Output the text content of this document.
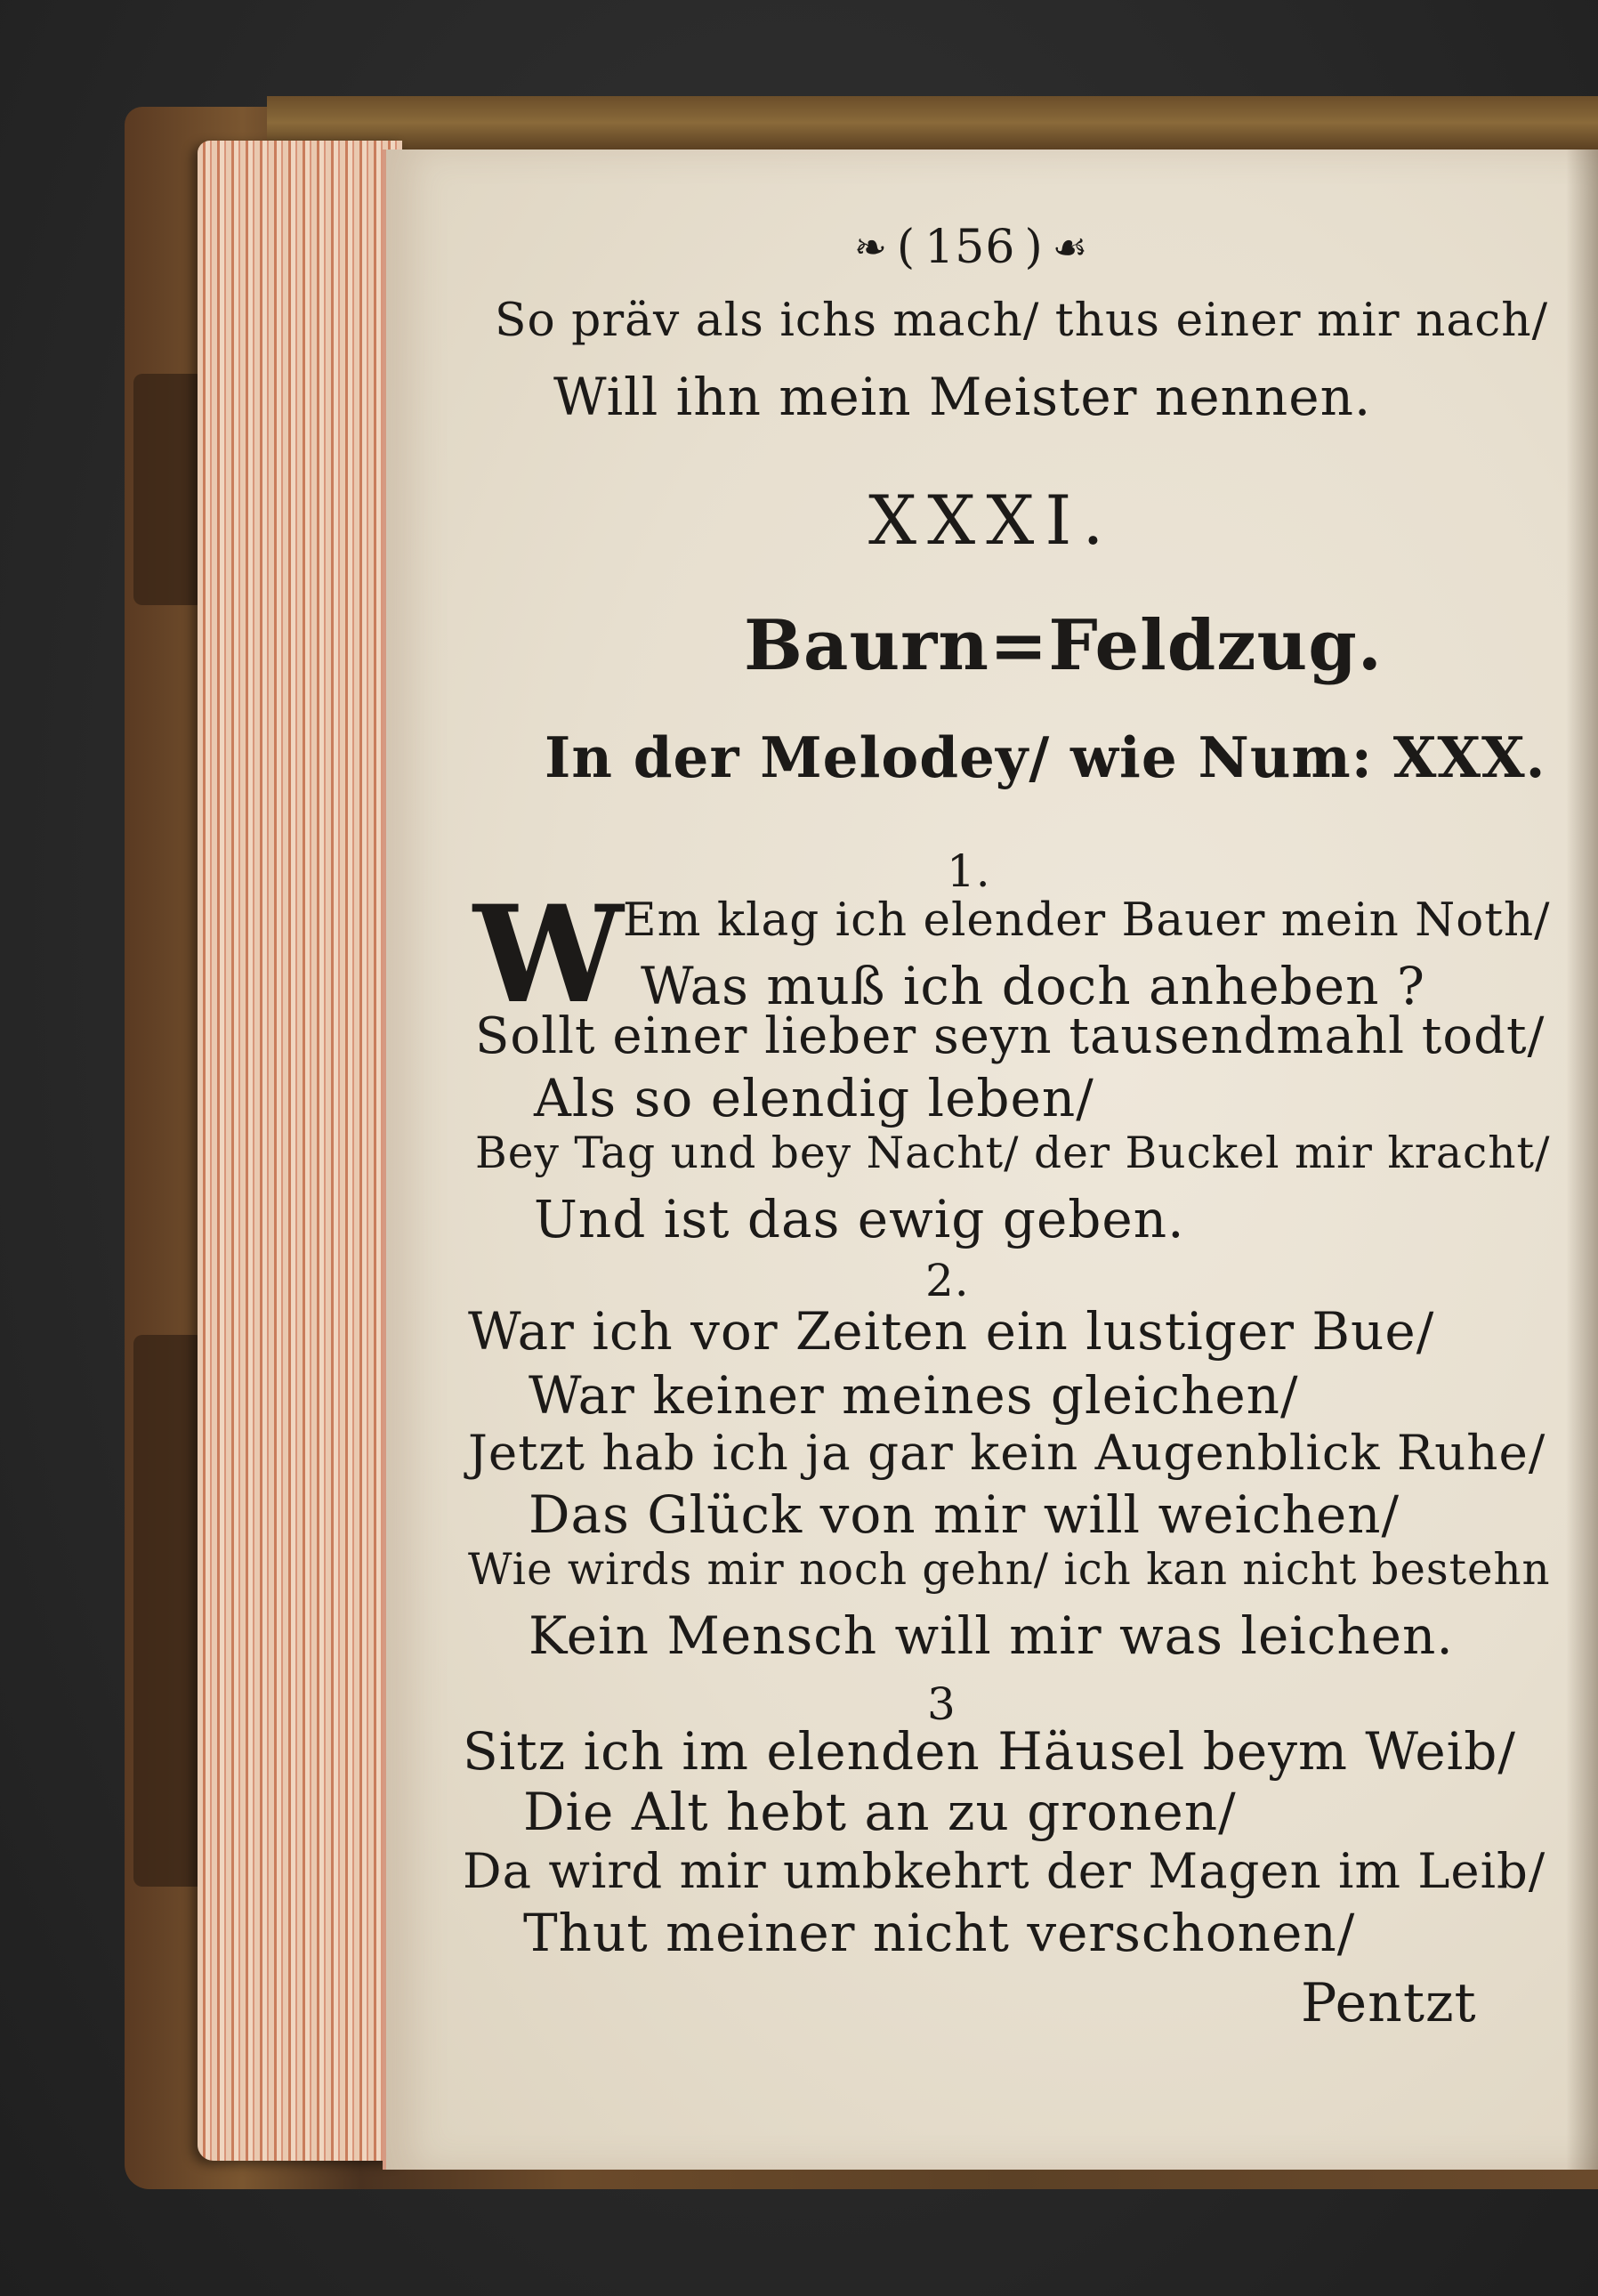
❧ ( 156 ) ☙
So präv als ichs mach/ thus einer mir nach/
Will ihn mein Meister nennen.
XXXI.
Baurn=Feldzug.
In der Melodey/ wie Num: XXX.
1.
W Em klag ich elender Bauer mein Noth/
Was muß ich doch anheben ?
Sollt einer lieber seyn tausendmahl todt/
Als so elendig leben/
Bey Tag und bey Nacht/ der Buckel mir kracht/
Und ist das ewig geben.
2.
War ich vor Zeiten ein lustiger Bue/
War keiner meines gleichen/
Jetzt hab ich ja gar kein Augenblick Ruhe/
Das Glück von mir will weichen/
Wie wirds mir noch gehn/ ich kan nicht bestehn
Kein Mensch will mir was leichen.
3
Sitz ich im elenden Häusel beym Weib/
Die Alt hebt an zu gronen/
Da wird mir umbkehrt der Magen im Leib/
Thut meiner nicht verschonen/
Pentzt
